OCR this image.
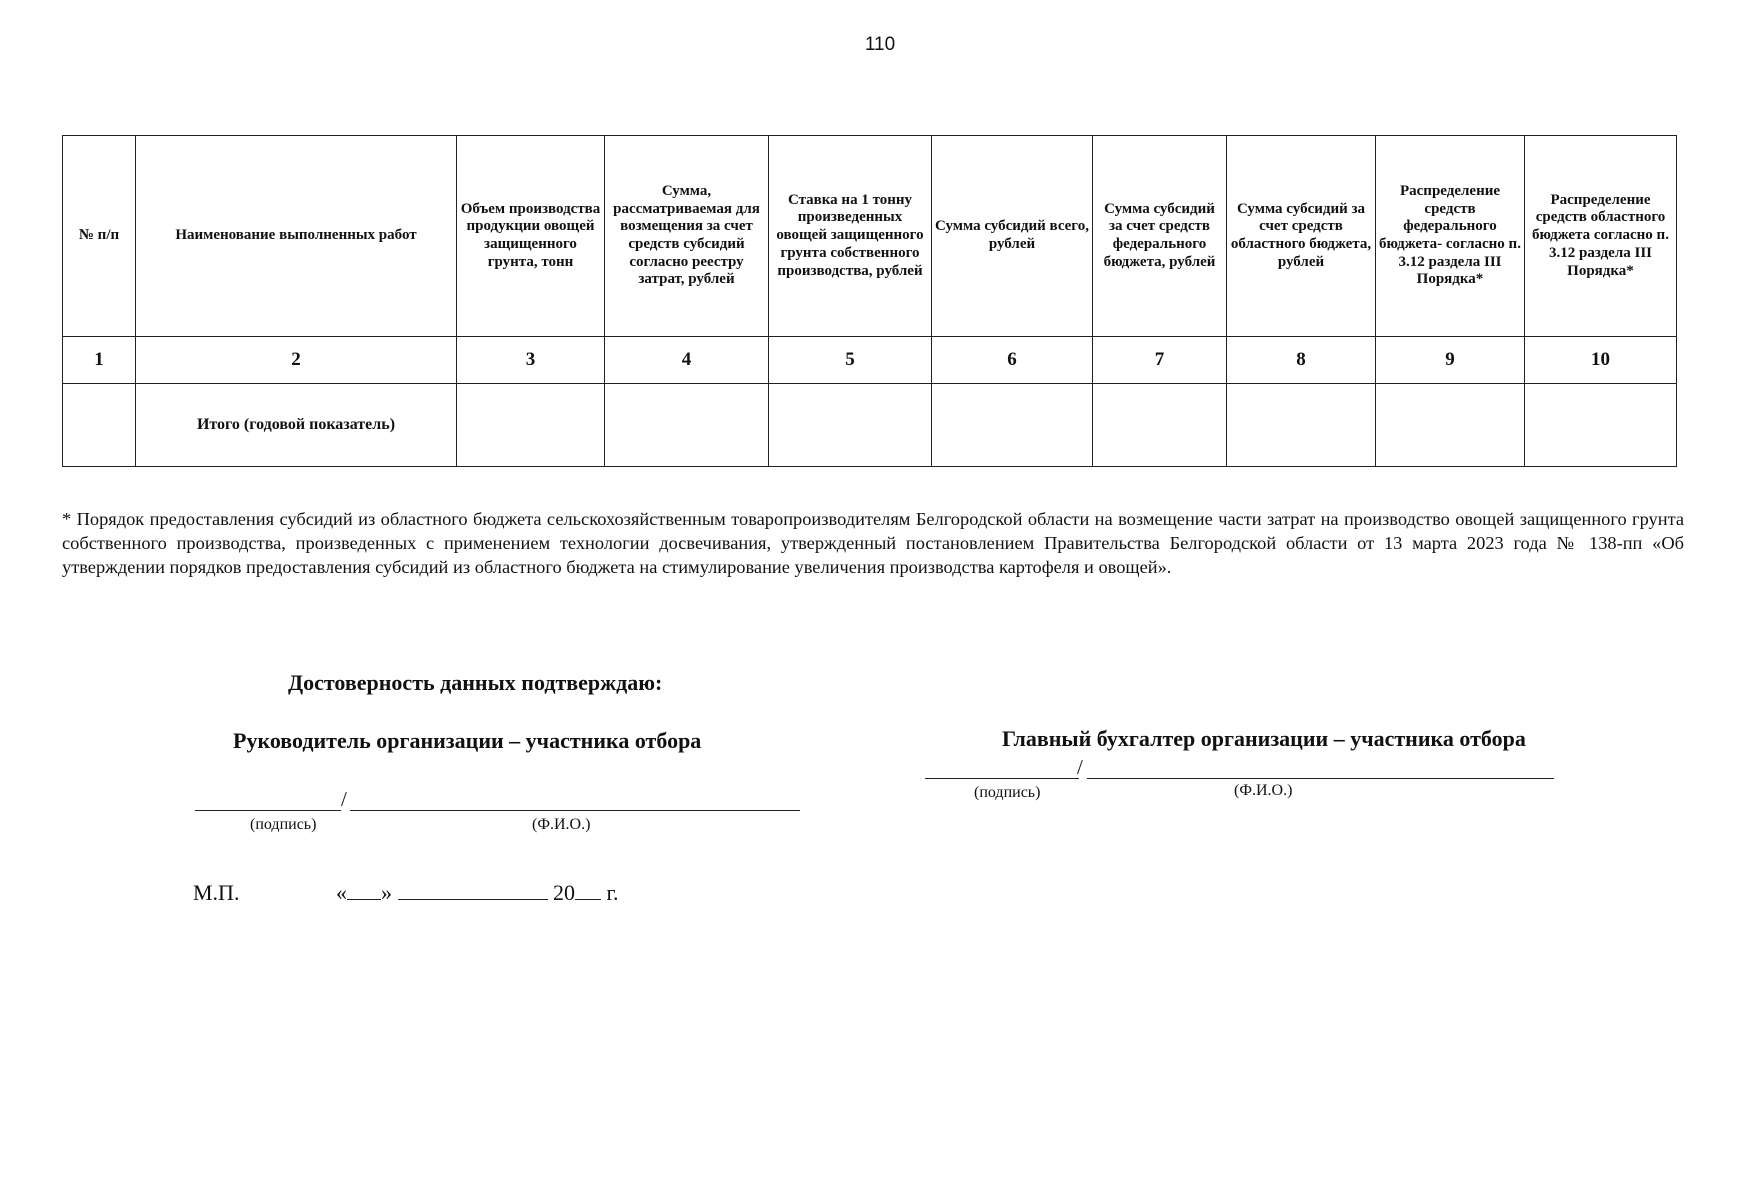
110
№ п/п	Наименование выполненных работ	Объем производства продукции овощей защищенного грунта, тонн	Сумма, рассматриваемая для возмещения за счет средств субсидий согласно реестру затрат, рублей	Ставка на 1 тонну произведенных овощей защищенного грунта собственного производства, рублей	Сумма субсидий всего, рублей	Сумма субсидий за счет средств федерального бюджета, рублей	Сумма субсидий за счет средств областного бюджета, рублей	Распределение средств федерального бюджета- согласно п. 3.12 раздела III Порядка*	Распределение средств областного бюджета согласно п. 3.12 раздела III Порядка*
1	2	3	4	5	6	7	8	9	10
	Итого (годовой показатель)								
* Порядок предоставления субсидий из областного бюджета сельскохозяйственным товаропроизводителям Белгородской области на возмещение части затрат на производство овощей защищенного грунта собственного производства, произведенных с применением технологии досвечивания, утвержденный постановлением Правительства Белгородской области от 13 марта 2023 года № 138-пп «Об утверждении порядков предоставления субсидий из областного бюджета на стимулирование увеличения производства картофеля и овощей».
Достоверность данных подтверждаю:
Руководитель организации – участника отбора
/
(подпись)	(Ф.И.О.)
Главный бухгалтер организации – участника отбора
/
(подпись)	(Ф.И.О.)
М.П.	« »	20 г.
